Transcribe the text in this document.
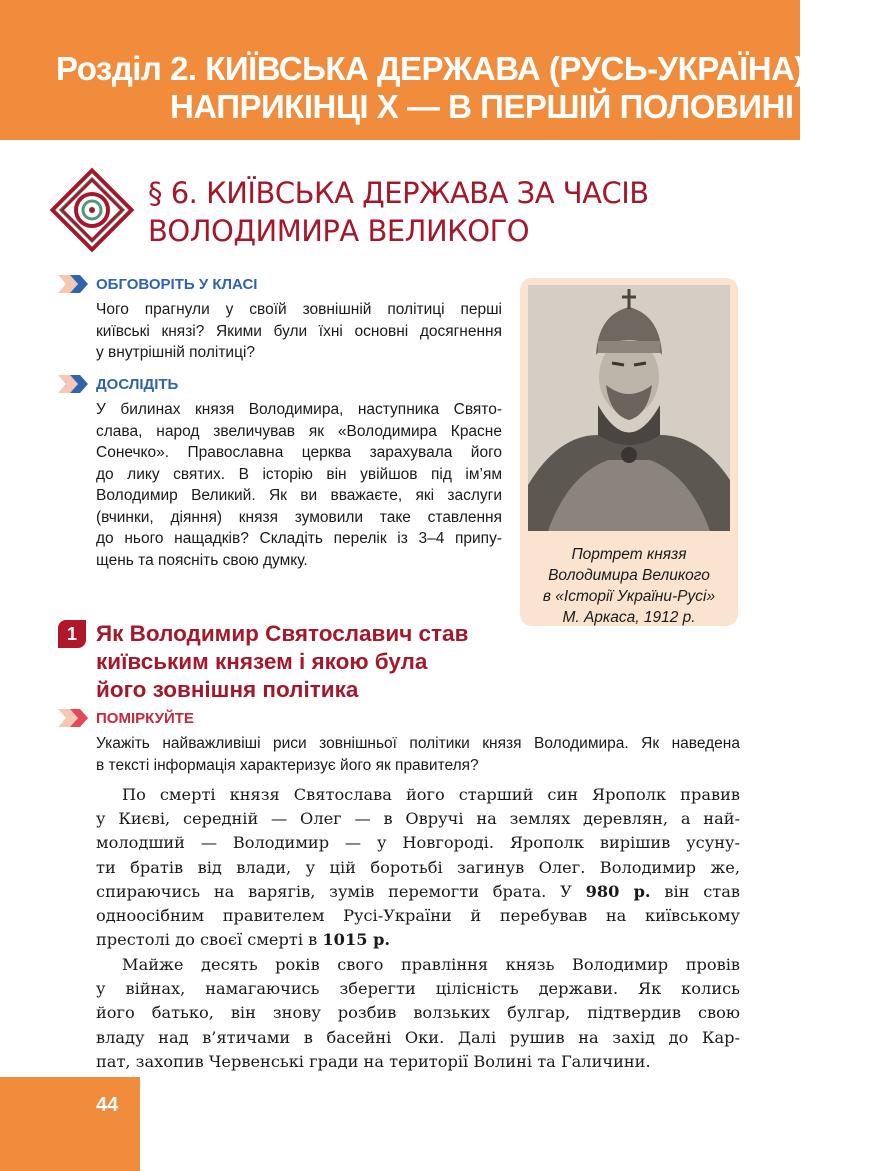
Розділ 2. КИЇВСЬКА ДЕРЖАВА (РУСЬ-УКРАЇНА)
НАПРИКІНЦІ Х — В ПЕРШІЙ ПОЛОВИНІ ХІ ст.
§ 6. КИЇВСЬКА ДЕРЖАВА ЗА ЧАСІВ
ВОЛОДИМИРА ВЕЛИКОГО
ОБГОВОРІТЬ У КЛАСІ
Чого прагнули у своїй зовнішній політиці перші
київські князі? Якими були їхні основні досягнення
у внутрішній політиці?
ДОСЛІДІТЬ
У билинах князя Володимира, наступника Свято-
слава, народ звеличував як «Володимира Красне
Сонечко». Православна церква зарахувала його
до лику святих. В історію він увійшов під ім’ям
Володимир Великий. Як ви вважаєте, які заслуги
(вчинки, діяння) князя зумовили таке ставлення
до нього нащадків? Складіть перелік із 3–4 припу-
щень та поясніть свою думку.	Портрет князя
Володимира Великого
в «Історії України-Русі»
М. Аркаса, 1912 р.
1 Як Володимир Святославич став
київським князем і якою була
його зовнішня політика
ПОМІРКУЙТЕ
Укажіть найважливіші риси зовнішньої політики князя Володимира. Як наведена
в тексті інформація характеризує його як правителя?
По смерті князя Святослава його старший син Ярополк правив
у Києві, середній — Олег — в Овручі на землях деревлян, а най-
молодший — Володимир — у Новгороді. Ярополк вирішив усуну-
ти братів від влади, у цій боротьбі загинув Олег. Володимир же,
спираючись на варягів, зумів перемогти брата. У 980 р. він став
одноосібним правителем Русі-України й перебував на київському
престолі до своєї смерті в 1015 р.
Майже десять років свого правління князь Володимир провів
у війнах, намагаючись зберегти цілісність держави. Як колись
його батько, він знову розбив волзьких булгар, підтвердив свою
владу над в’ятичами в басейні Оки. Далі рушив на захід до Кар-
пат, захопив Червенські гради на території Волині та Галичини.
44
